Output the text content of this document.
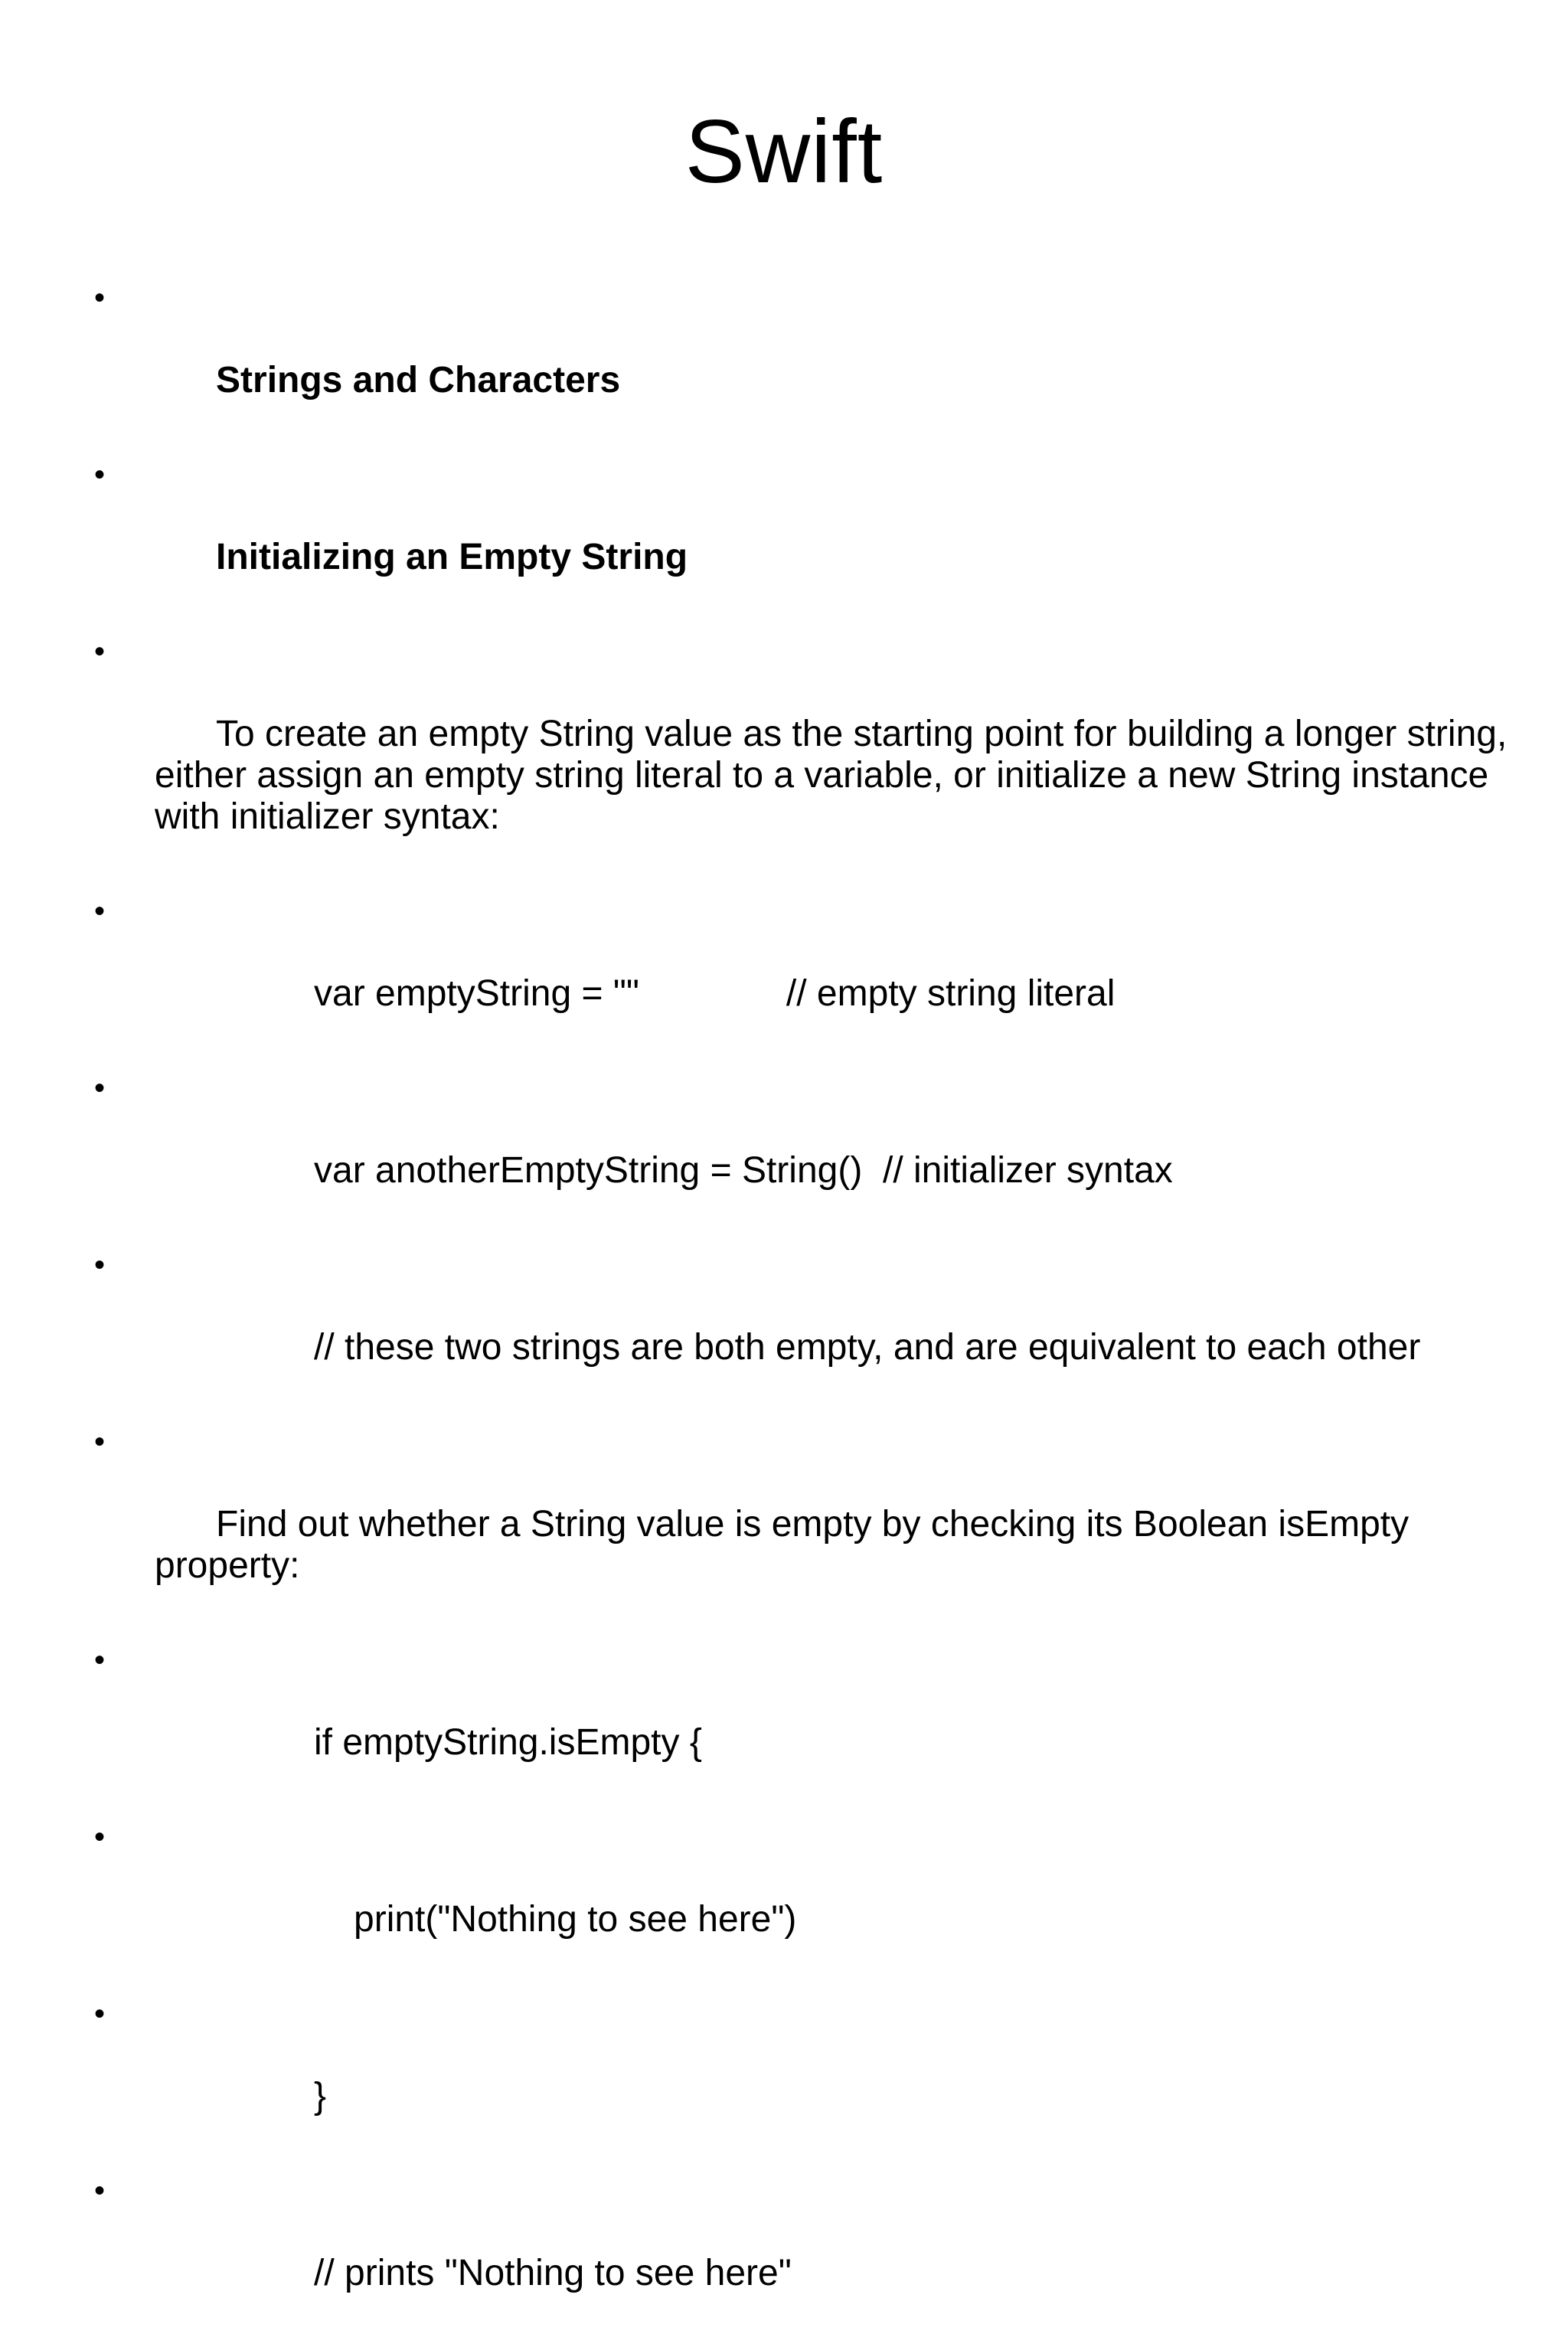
Swift

•

Strings and Characters

•

Initializing an Empty String

•

To create an empty String value as the starting point for building a longer string, either assign an empty string literal to a variable, or initialize a new String instance with initializer syntax:

•

var emptyString = ""	// empty string literal

•

var anotherEmptyString = String()  // initializer syntax

•

// these two strings are both empty, and are equivalent to each other

•

Find out whether a String value is empty by checking its Boolean isEmpty property:

•

if emptyString.isEmpty {

•

print("Nothing to see here")

•

}

•

// prints "Nothing to see here"
